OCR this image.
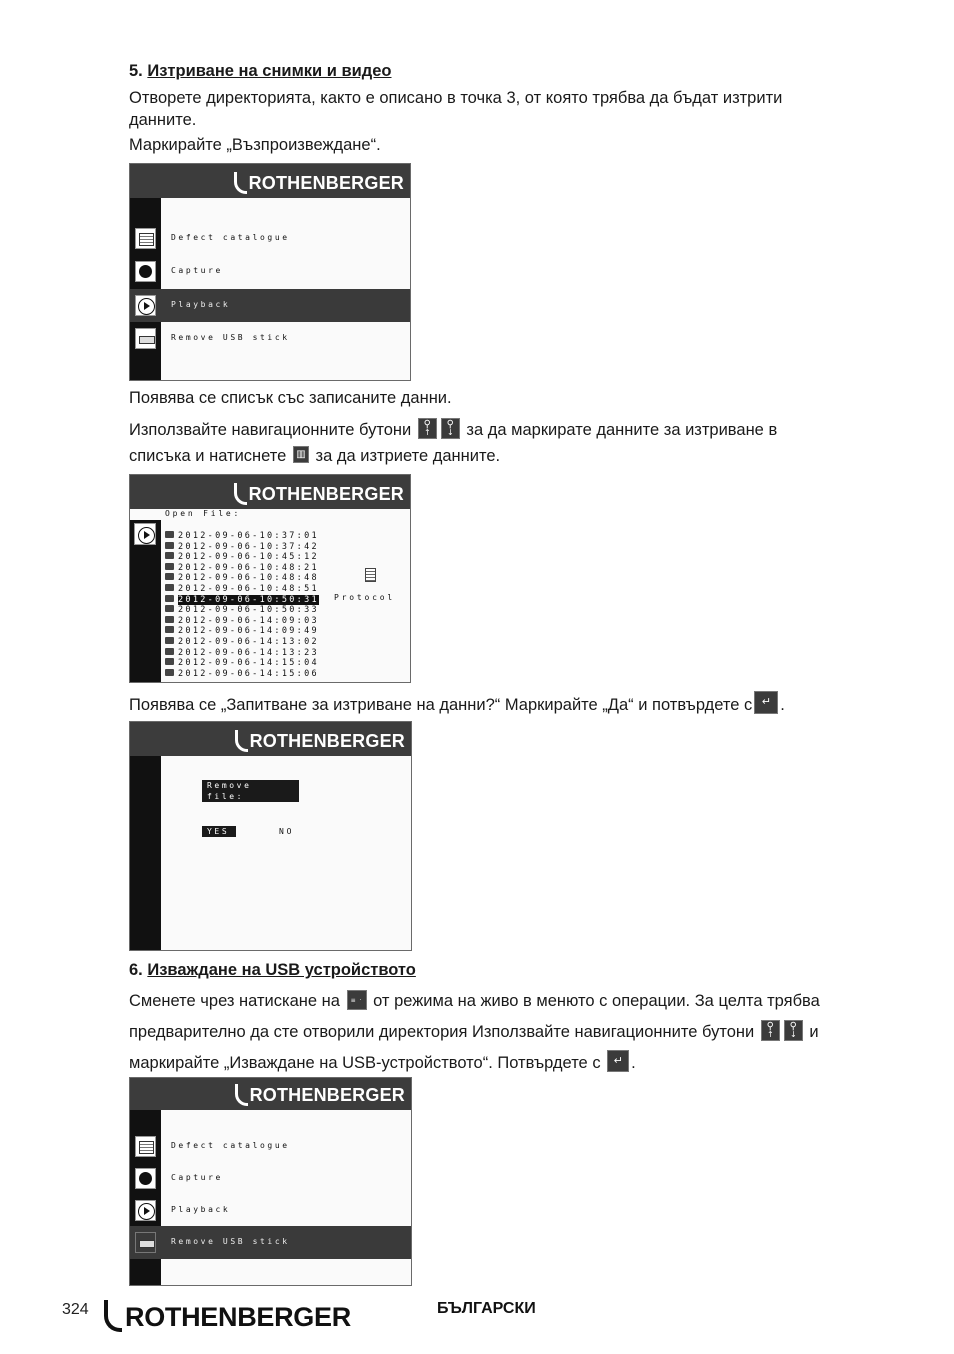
5. Изтриване на снимки и видео
Отворете директорията, както е описано в точка 3, от която трябва да бъдат изтрити
данните.
Маркирайте „Възпроизвеждане“.
ROTHENBERGER
Defect catalogue
Capture
Playback
Remove USB stick
Появява се списък със записаните данни.
Използвайте навигационните бутони	⚲
↑
⚲
↓ за да маркирате данните за изтриване в
списъка и натиснете ▥ за да изтриете данните.
ROTHENBERGER
Open File:
2012-09-06-10:37:01
2012-09-06-10:37:42
2012-09-06-10:45:12
2012-09-06-10:48:21
2012-09-06-10:48:48
2012-09-06-10:48:51
2012-09-06-10:50:31
2012-09-06-10:50:33
2012-09-06-14:09:03
2012-09-06-14:09:49
2012-09-06-14:13:02
2012-09-06-14:13:23
2012-09-06-14:15:04
2012-09-06-14:15:06
Protocol
Появява се „Запитване за изтриване на данни?“ Маркирайте „Да“ и потвърдете с ↵ .
ROTHENBERGER
Remove file:
YES	NO
6. Изваждане на USB устройството
Сменете чрез натискане на	≡ · от режима на живо в менюто с операции. За целта трябва
предварително да сте отворили директория Използвайте навигационните бутони	⚲
↑
⚲
↓ и
маркирайте „Изваждане на USB-устройството“. Потвърдете с	↵ .
ROTHENBERGER
Defect catalogue
Capture
Playback
Remove USB stick
324 ROTHENBERGER	БЪЛГАРСКИ
